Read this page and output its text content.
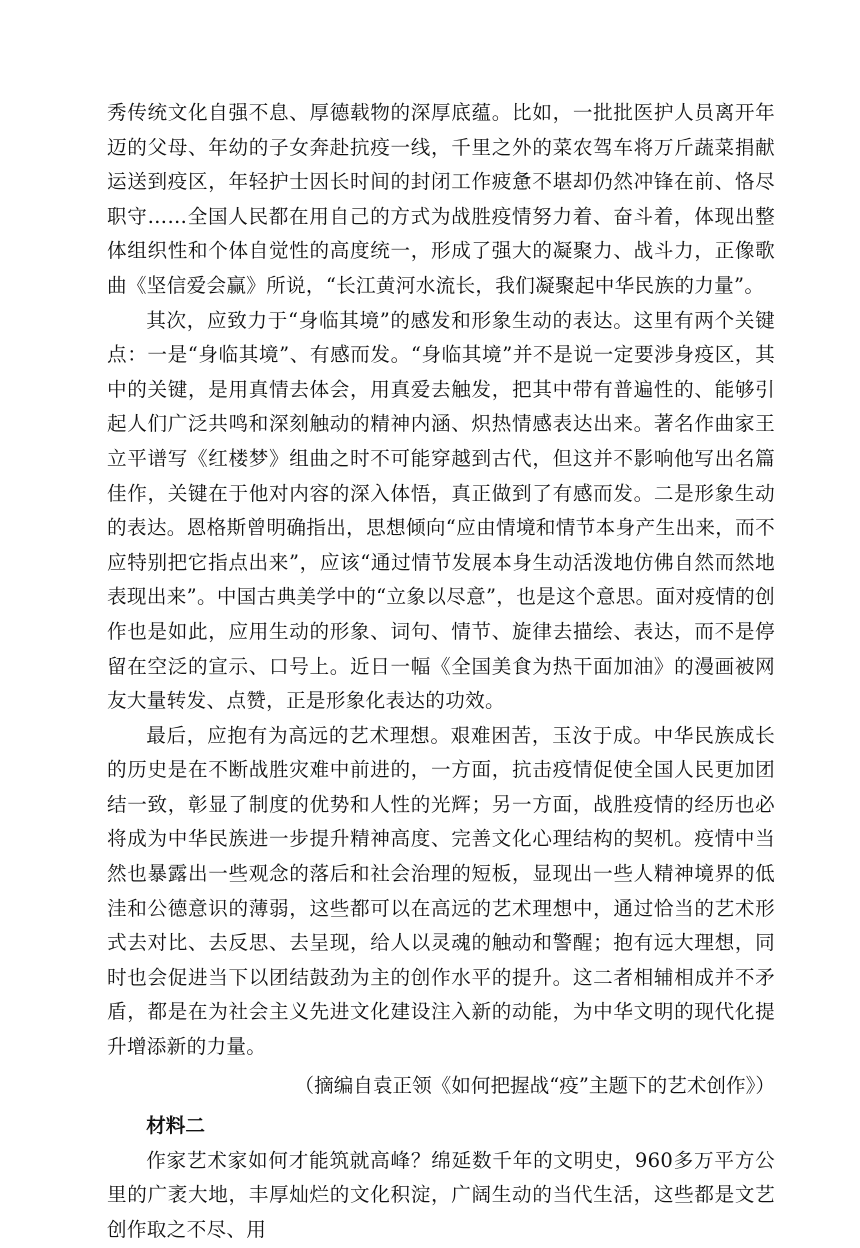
秀传统文化自强不息、厚德载物的深厚底蕴。比如，一批批医护人员离开年迈的父母、年幼的子女奔赴抗疫一线，千里之外的菜农驾车将万斤蔬菜捐献运送到疫区，年轻护士因长时间的封闭工作疲惫不堪却仍然冲锋在前、恪尽职守……全国人民都在用自己的方式为战胜疫情努力着、奋斗着，体现出整体组织性和个体自觉性的高度统一，形成了强大的凝聚力、战斗力，正像歌曲《坚信爱会赢》所说，“长江黄河水流长，我们凝聚起中华民族的力量”。

其次，应致力于“身临其境”的感发和形象生动的表达。这里有两个关键点：一是“身临其境”、有感而发。“身临其境”并不是说一定要涉身疫区，其中的关键，是用真情去体会，用真爱去触发，把其中带有普遍性的、能够引起人们广泛共鸣和深刻触动的精神内涵、炽热情感表达出来。著名作曲家王立平谱写《红楼梦》组曲之时不可能穿越到古代，但这并不影响他写出名篇佳作，关键在于他对内容的深入体悟，真正做到了有感而发。二是形象生动的表达。恩格斯曾明确指出，思想倾向“应由情境和情节本身产生出来，而不应特别把它指点出来”，应该“通过情节发展本身生动活泼地仿佛自然而然地表现出来”。中国古典美学中的“立象以尽意”，也是这个意思。面对疫情的创作也是如此，应用生动的形象、词句、情节、旋律去描绘、表达，而不是停留在空泛的宣示、口号上。近日一幅《全国美食为热干面加油》的漫画被网友大量转发、点赞，正是形象化表达的功效。

最后，应抱有为高远的艺术理想。艰难困苦，玉汝于成。中华民族成长的历史是在不断战胜灾难中前进的，一方面，抗击疫情促使全国人民更加团结一致，彰显了制度的优势和人性的光辉；另一方面，战胜疫情的经历也必将成为中华民族进一步提升精神高度、完善文化心理结构的契机。疫情中当然也暴露出一些观念的落后和社会治理的短板，显现出一些人精神境界的低洼和公德意识的薄弱，这些都可以在高远的艺术理想中，通过恰当的艺术形式去对比、去反思、去呈现，给人以灵魂的触动和警醒；抱有远大理想，同时也会促进当下以团结鼓劲为主的创作水平的提升。这二者相辅相成并不矛盾，都是在为社会主义先进文化建设注入新的动能，为中华文明的现代化提升增添新的力量。

（摘编自袁正领《如何把握战“疫”主题下的艺术创作》）

材料二

作家艺术家如何才能筑就高峰？绵延数千年的文明史，960多万平方公里的广袤大地，丰厚灿烂的文化积淀，广阔生动的当代生活，这些都是文艺创作取之不尽、用
